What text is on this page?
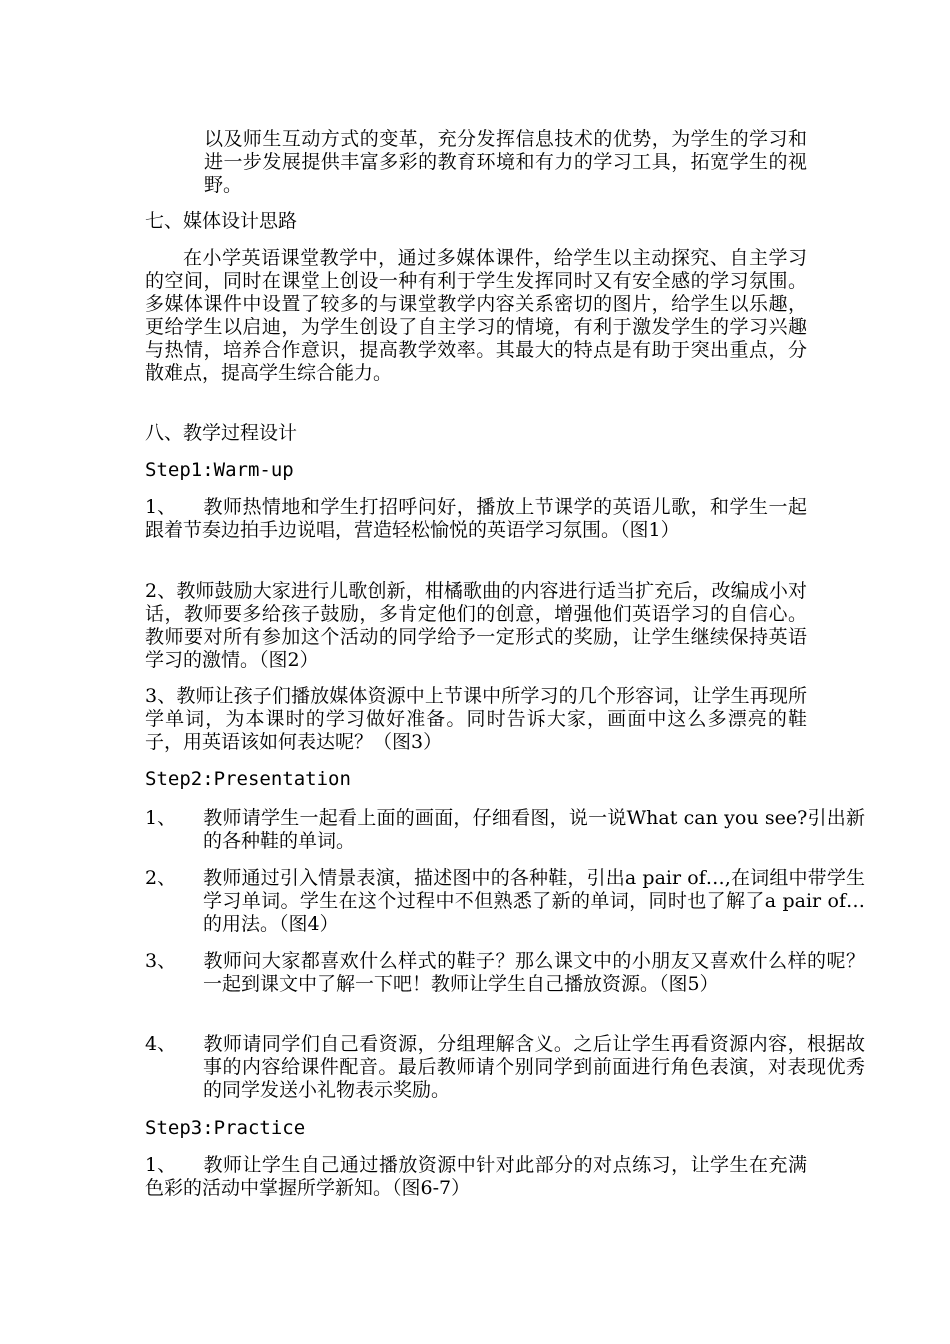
以及师生互动方式的变革，充分发挥信息技术的优势，为学生的学习和进一步发展提供丰富多彩的教育环境和有力的学习工具，拓宽学生的视野。

七、媒体设计思路

在小学英语课堂教学中，通过多媒体课件，给学生以主动探究、自主学习的空间，同时在课堂上创设一种有利于学生发挥同时又有安全感的学习氛围。多媒体课件中设置了较多的与课堂教学内容关系密切的图片，给学生以乐趣，更给学生以启迪，为学生创设了自主学习的情境，有利于激发学生的学习兴趣与热情，培养合作意识，提高教学效率。其最大的特点是有助于突出重点，分散难点，提高学生综合能力。

八、教学过程设计

Step1:Warm-up

1、 教师热情地和学生打招呼问好，播放上节课学的英语儿歌，和学生一起跟着节奏边拍手边说唱，营造轻松愉悦的英语学习氛围。（图1）

2、教师鼓励大家进行儿歌创新，柑橘歌曲的内容进行适当扩充后，改编成小对话，教师要多给孩子鼓励，多肯定他们的创意，增强他们英语学习的自信心。教师要对所有参加这个活动的同学给予一定形式的奖励，让学生继续保持英语学习的激情。（图2）

3、教师让孩子们播放媒体资源中上节课中所学习的几个形容词，让学生再现所学单词，为本课时的学习做好准备。同时告诉大家，画面中这么多漂亮的鞋子，用英语该如何表达呢？（图3）

Step2:Presentation

1、 教师请学生一起看上面的画面，仔细看图，说一说What can you see?引出新的各种鞋的单词。

2、 教师通过引入情景表演，描述图中的各种鞋，引出a pair of…,在词组中带学生学习单词。学生在这个过程中不但熟悉了新的单词，同时也了解了a pair of…的用法。（图4）

3、 教师问大家都喜欢什么样式的鞋子？那么课文中的小朋友又喜欢什么样的呢？一起到课文中了解一下吧！教师让学生自己播放资源。（图5）

4、 教师请同学们自己看资源，分组理解含义。之后让学生再看资源内容，根据故事的内容给课件配音。最后教师请个别同学到前面进行角色表演，对表现优秀的同学发送小礼物表示奖励。

Step3:Practice

1、 教师让学生自己通过播放资源中针对此部分的对点练习，让学生在充满色彩的活动中掌握所学新知。（图6-7）
